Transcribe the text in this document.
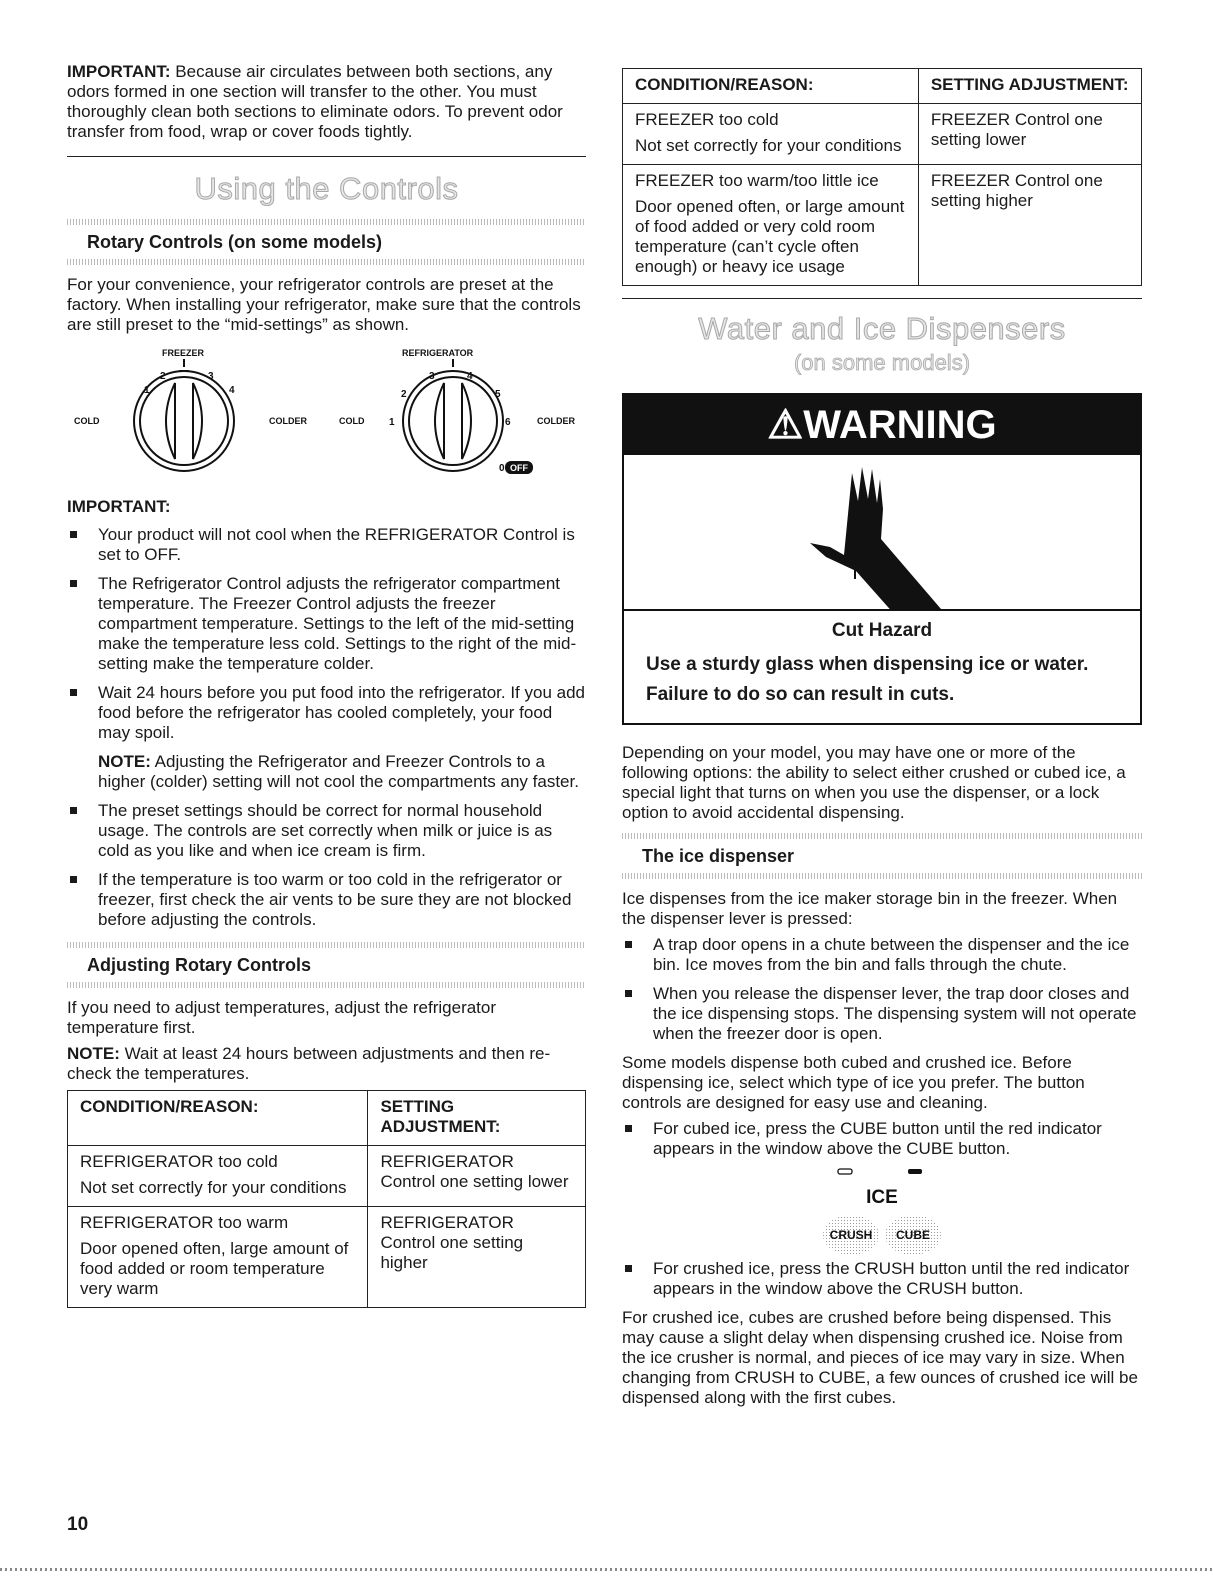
IMPORTANT: Because air circulates between both sections, any odors formed in one section will transfer to the other. You must thoroughly clean both sections to eliminate odors. To prevent odor transfer from food, wrap or cover foods tightly.

Using the Controls
Rotary Controls (on some models)

For your convenience, your refrigerator controls are preset at the factory. When installing your refrigerator, make sure that the controls are still preset to the “mid-settings” as shown.

FREEZER
COLD	COLDER
1
2	3
4
REFRIGERATOR
COLD	COLDER
0
1
2
3	4
5
6
OFF

IMPORTANT:

Your product will not cool when the REFRIGERATOR Control is set to OFF.
The Refrigerator Control adjusts the refrigerator compartment temperature. The Freezer Control adjusts the freezer compartment temperature. Settings to the left of the mid-setting make the temperature less cold. Settings to the right of the mid-setting make the temperature colder.
Wait 24 hours before you put food into the refrigerator. If you add food before the refrigerator has cooled completely, your food may spoil.
NOTE: Adjusting the Refrigerator and Freezer Controls to a higher (colder) setting will not cool the compartments any faster.
The preset settings should be correct for normal household usage. The controls are set correctly when milk or juice is as cold as you like and when ice cream is firm.
If the temperature is too warm or too cold in the refrigerator or freezer, first check the air vents to be sure they are not blocked before adjusting the controls.
Adjusting Rotary Controls

If you need to adjust temperatures, adjust the refrigerator temperature first.

NOTE: Wait at least 24 hours between adjustments and then re-check the temperatures.

CONDITION/REASON:	SETTING ADJUSTMENT:

REFRIGERATOR too cold

Not set correctly for your conditions	REFRIGERATOR Control one setting lower

REFRIGERATOR too warm

Door opened often, large amount of food added or room temperature very warm	REFRIGERATOR Control one setting higher
CONDITION/REASON:	SETTING ADJUSTMENT:

FREEZER too cold

Not set correctly for your conditions	FREEZER Control one setting lower

FREEZER too warm/too little ice

Door opened often, or large amount of food added or very cold room temperature (can’t cycle often enough) or heavy ice usage	FREEZER Control one setting higher
Water and Ice Dispensers
(on some models)
⚠WARNING
Cut Hazard
Use a sturdy glass when dispensing ice or water.
Failure to do so can result in cuts.

Depending on your model, you may have one or more of the following options: the ability to select either crushed or cubed ice, a special light that turns on when you use the dispenser, or a lock option to avoid accidental dispensing.

The ice dispenser

Ice dispenses from the ice maker storage bin in the freezer. When the dispenser lever is pressed:

A trap door opens in a chute between the dispenser and the ice bin. Ice moves from the bin and falls through the chute.
When you release the dispenser lever, the trap door closes and the ice dispensing stops. The dispensing system will not operate when the freezer door is open.

Some models dispense both cubed and crushed ice. Before dispensing ice, select which type of ice you prefer. The button controls are designed for easy use and cleaning.

For cubed ice, press the CUBE button until the red indicator appears in the window above the CUBE button.
ICE
CRUSH CUBE
For crushed ice, press the CRUSH button until the red indicator appears in the window above the CRUSH button.

For crushed ice, cubes are crushed before being dispensed. This may cause a slight delay when dispensing crushed ice. Noise from the ice crusher is normal, and pieces of ice may vary in size. When changing from CRUSH to CUBE, a few ounces of crushed ice will be dispensed along with the first cubes.

10
